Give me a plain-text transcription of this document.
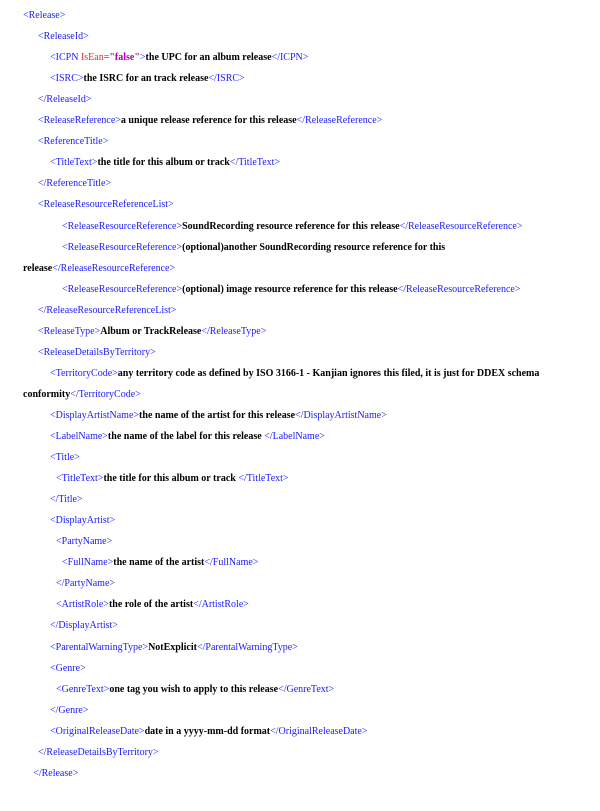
<Release>
<ReleaseId>
<ICPN IsEan="false">the UPC for an album release</ICPN>
<ISRC>the ISRC for an track release</ISRC>
</ReleaseId>
<ReleaseReference>a unique release reference for this release</ReleaseReference>
<ReferenceTitle>
<TitleText>the title for this album or track</TitleText>
</ReferenceTitle>
<ReleaseResourceReferenceList>
<ReleaseResourceReference>SoundRecording resource reference for this release</ReleaseResourceReference>
<ReleaseResourceReference>(optional)another SoundRecording resource reference for this
release</ReleaseResourceReference>
<ReleaseResourceReference>(optional) image resource reference for this release</ReleaseResourceReference>
</ReleaseResourceReferenceList>
<ReleaseType>Album or TrackRelease</ReleaseType>
<ReleaseDetailsByTerritory>
<TerritoryCode>any territory code as defined by ISO 3166-1 - Kanjian ignores this filed, it is just for DDEX schema
conformity</TerritoryCode>
<DisplayArtistName>the name of the artist for this release</DisplayArtistName>
<LabelName>the name of the label for this release </LabelName>
<Title>
<TitleText>the title for this album or track </TitleText>
</Title>
<DisplayArtist>
<PartyName>
<FullName>the name of the artist</FullName>
</PartyName>
<ArtistRole>the role of the artist</ArtistRole>
</DisplayArtist>
<ParentalWarningType>NotExplicit</ParentalWarningType>
<Genre>
<GenreText>one tag you wish to apply to this release</GenreText>
</Genre>
<OriginalReleaseDate>date in a yyyy-mm-dd format</OriginalReleaseDate>
</ReleaseDetailsByTerritory>
</Release>
